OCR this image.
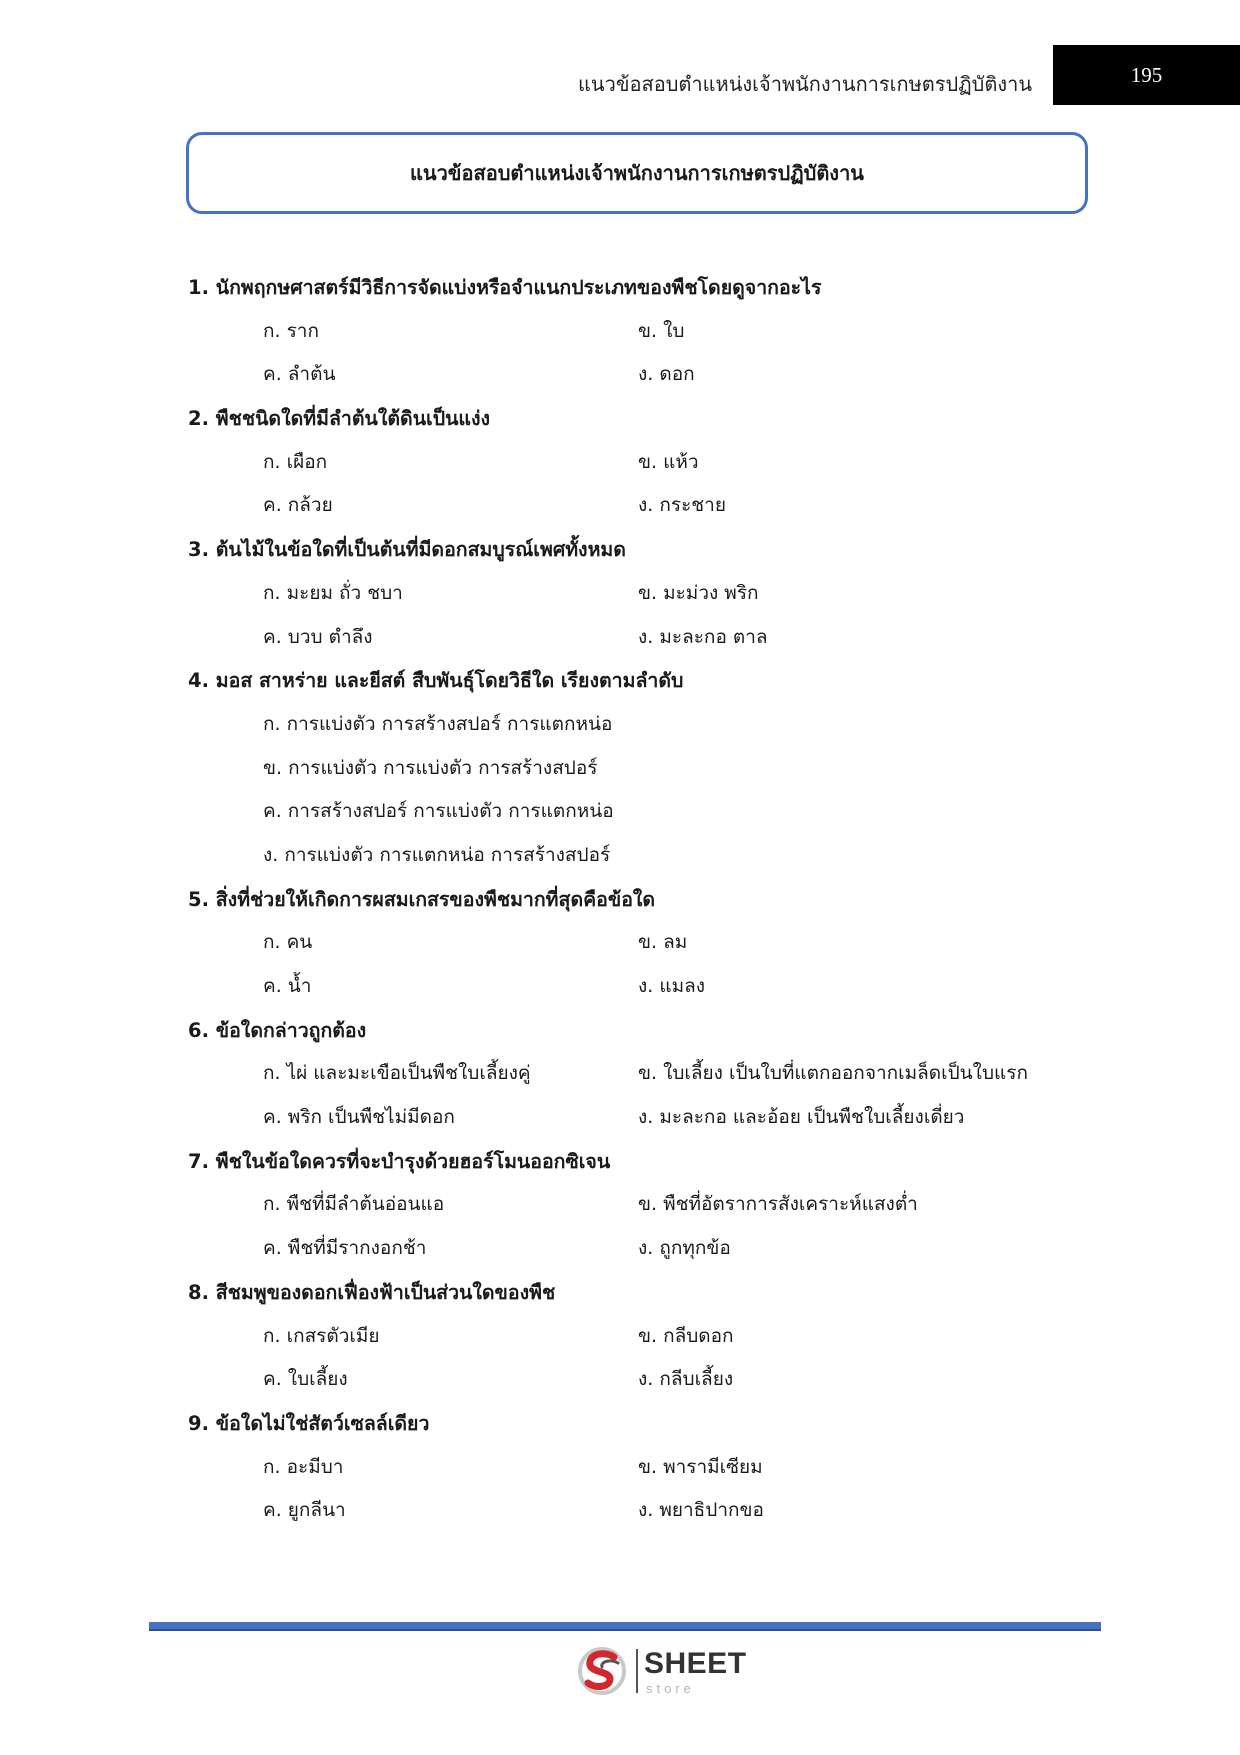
แนวข้อสอบตำแหน่งเจ้าพนักงานการเกษตรปฏิบัติงาน	195
แนวข้อสอบตำแหน่งเจ้าพนักงานการเกษตรปฏิบัติงาน
1. นักพฤกษศาสตร์มีวิธีการจัดแบ่งหรือจำแนกประเภทของพืชโดยดูจากอะไร
ก. ราก	ข. ใบ
ค. ลำต้น	ง. ดอก
2. พืชชนิดใดที่มีลำต้นใต้ดินเป็นแง่ง
ก. เผือก	ข. แห้ว
ค. กล้วย	ง. กระชาย
3. ต้นไม้ในข้อใดที่เป็นต้นที่มีดอกสมบูรณ์เพศทั้งหมด
ก. มะยม ถั่ว ชบา	ข. มะม่วง พริก
ค. บวบ ตำลึง	ง. มะละกอ ตาล
4. มอส สาหร่าย และยีสต์ สืบพันธุ์โดยวิธีใด เรียงตามลำดับ
ก. การแบ่งตัว การสร้างสปอร์ การแตกหน่อ
ข. การแบ่งตัว การแบ่งตัว การสร้างสปอร์
ค. การสร้างสปอร์ การแบ่งตัว การแตกหน่อ
ง. การแบ่งตัว การแตกหน่อ การสร้างสปอร์
5. สิ่งที่ช่วยให้เกิดการผสมเกสรของพืชมากที่สุดคือข้อใด
ก. คน	ข. ลม
ค. น้ำ	ง. แมลง
6. ข้อใดกล่าวถูกต้อง
ก. ไผ่ และมะเขือเป็นพืชใบเลี้ยงคู่	ข. ใบเลี้ยง เป็นใบที่แตกออกจากเมล็ดเป็นใบแรก
ค. พริก เป็นพืชไม่มีดอก	ง. มะละกอ และอ้อย เป็นพืชใบเลี้ยงเดี่ยว
7. พืชในข้อใดควรที่จะบำรุงด้วยฮอร์โมนออกซิเจน
ก. พืชที่มีลำต้นอ่อนแอ	ข. พืชที่อัตราการสังเคราะห์แสงต่ำ
ค. พืชที่มีรากงอกช้า	ง. ถูกทุกข้อ
8. สีชมพูของดอกเฟื่องฟ้าเป็นส่วนใดของพืช
ก. เกสรตัวเมีย	ข. กลีบดอก
ค. ใบเลี้ยง	ง. กลีบเลี้ยง
9. ข้อใดไม่ใช่สัตว์เซลล์เดียว
ก. อะมีบา	ข. พารามีเซียม
ค. ยูกลีนา	ง. พยาธิปากขอ
SHEET
store
